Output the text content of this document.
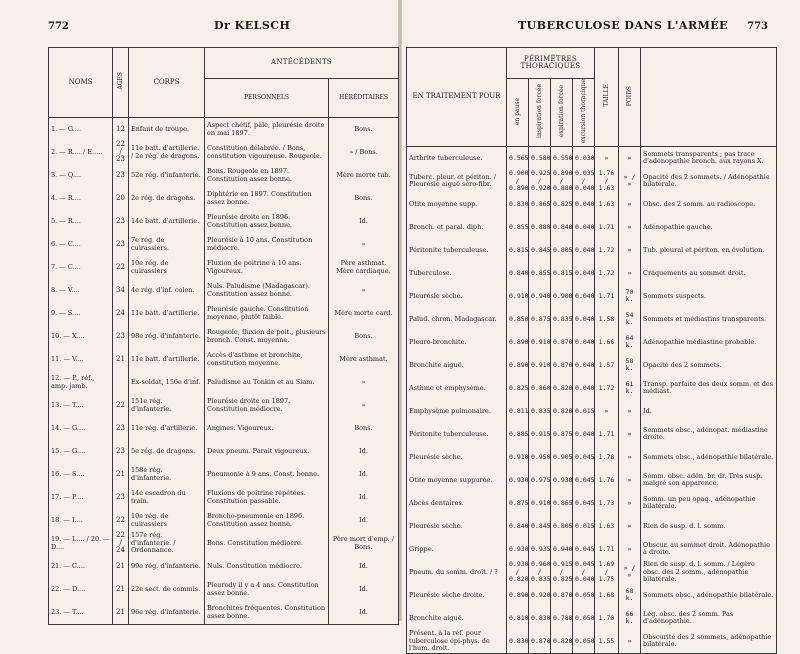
772	Dr KELSCH
NOMS	AGES	CORPS	ANTÉCÉDENTS	
			PERSONNELS	HÉRÉDITAIRES
1. — G....	12	Enfant de troupe.	Aspect chétif, pâle, pleurésie droite en mai 1897.	Bons.
2. — R.... / E.....	22 / 23	11e batt. d'artillerie. / 2e rég. de dragons.	Constitution délabrée. / Bons, constitution vigoureuse. Rougeole.	» / Bons.
3. — Q....	23	52e rég. d'infanterie.	Bons. Rougeole en 1897. Constitution assez bonne.	Mère morte tub.
4. — R....	20	2e rég. de dragons.	Diphtérie en 1897. Constitution assez bonne.	Bons.
5. — R....	23	14e batt. d'artillerie.	Pleurésie droite en 1896. Constitution assez bonne.	Id.
6. — C....	23	7e rég. de cuirassiers.	Pleurésie à 10 ans. Constitution médiocre.	»
7. — C....	22	10e rég. de cuirassiers	Fluxion de poitrine à 10 ans. Vigoureux.	Père asthmat. Mère cardiaque.
8. — V....	34	4e rég. d'inf. colon.	Nuls. Paludisme (Madagascar). Constitution assez bonne.	»
9. — S....	24	11e batt. d'artillerie.	Pleurésie gauche. Constitution moyenne, plutôt faible.	Mère morte card.
10. — X....	23	98e rég. d'infanterie.	Rougeole, fluxion de poit., plusieurs bronch. Const. moyenne.	Bons.
11. — V....	21	11e batt. d'artillerie.	Accès d'asthme et bronchite, constitution moyenne.	Mère asthmat.
12. — P., réf., amp. jamb.		Ex-soldat, 156e d'inf.	Paludisme au Tonkin et au Siam.	»
13. — T....	22	151e rég. d'infanterie.	Pleurésie droite en 1897. Constitution médiocre.	»
14. — G....	23	11e rég. d'artillerie.	Angines. Vigoureux.	Bons.
15. — G....	23	5e rég. de dragons.	Deux pneum. Parait vigoureux.	Id.
16. — S....	21	158e rég. d'infanterie.	Pneumonie à 9 ans. Const. bonne.	Id.
17. — P....	23	14e escadron du train.	Fluxions de poitrine répétées. Constitution passable.	Id.
18. — I....	22	10e rég. de cuirassiers	Broncho-pneumonie en 1896. Constitution assez bonne.	Id.
19. — L.... / 20. — D....	22 / 24	157e rég. d'infanterie. / Ordonnance.	Bons. Constitution médiocre.	Père mort d'emp. / Bons.
21. — C....	21	99e rég. d'infanterie.	Nuls. Constitution médiocre.	Id.
22. — D....	21	22e sect. de commis.	Pleurody il y a 4 ans. Constitution assez bonne.	Id.
23. — T....	21	96e rég. d'infanterie.	Bronchites fréquentes. Constitution assez bonne.	Id.
TUBERCULOSE DANS L'ARMÉE 773
EN TRAITEMENT POUR	PÉRIMÈTRES THORACIQUES				TAILLE	POIDS	
	en pause	inspiration forcée	expiration forcée	excursion thoracique			
Arthrite tuberculeuse.	0.565	0.580	0.550	0.030	»	»	Sommets transparents ; pas trace d'adénopathie bronch. aux rayons X.
Tuberc. pleur. et périton. / Pleurésie aiguë séro-fibr.	0.900 / 0.890	0.925 / 0.920	0.890 / 0.880	0.035 / 0.040	1.76 / 1.63	» / »	Opacité des 2 sommets. / Adénopathie bilatérale.
Otite moyenne supp.	0.830	0.865	0.825	0.040	1.63	»	Obsc. des 2 somm. au radioscope.
Bronch. et paral. diph.	0.855	0.880	0.840	0.040	1.71	»	Adénopathie gauche.
Péritonite tuberculeuse.	0.815	0.845	0.805	0.040	1.72	»	Tub. pleural et périton. en évolution.
Tuberculose.	0.840	0.855	0.815	0.040	1.72	»	Craquements au sommet droit.
Pleurésie sèche.	0.910	0.940	0.900	0.040	1.71	70 k.	Sommets suspects.
Palud. chron. Madagascar.	0.850	0.875	0.835	0.040	1.58	54 k.	Sommets et médiastins transparents.
Pleuro-bronchite.	0.890	0.910	0.870	0.040	1.66	64 k.	Adénopathie médiastine probable.
Bronchite aiguë.	0.890	0.910	0.870	0.040	1.57	58 k.	Opacité des 2 sommets.
Asthme et emphysème.	0.825	0.860	0.820	0.040	1.72	61 k.	Transp. parfaite des deux somm. et des médiast.
Emphysème pulmonaire.	0.811	0.835	0.820	0.015	»	»	Id.
Péritonite tuberculeuse.	0.885	0.915	0.875	0.040	1.71	»	Sommets obsc., adénopat. médiastine droite.
Pleurésie sèche.	0.910	0.950	0.905	0.045	1.78	»	Sommets obsc., adénopathie bilatérale.
Otite moyenne suppurée.	0.930	0.975	0.930	0.045	1.76	»	Somm. obsc. adén. br. dr. Très susp. malgré son apparence.
Abcès dentaires.	0.875	0.910	0.865	0.045	1.73	»	Somm. un peu opaq., adénopathie bilatérale.
Pleurésie sèche.	0.840	0.845	0.805	0.015	1.63	»	Rien de susp. d. l. somm.
Grippe.	0.930	0.935	0.940	0.045	1.71	»	Obscur. au sommet droit. Adénopathie à droite.
Pneum. du somm. droit. / ?	0.930 / 0.820	0.960 / 0.835	0.915 / 0.825	0.045 / 0.040	1.69 / 1.75	» / »	Rien de susp. d. l. somm. / Légère obsc. des 2 somm., adénopathie bilatérale.
Pleurésie sèche droite.	0.890	0.920	0.870	0.050	1.68	68 k.	Sommets obsc., adénopathie bilatérale.
Bronchite aiguë.	0.810	0.830	0.780	0.050	1.70	66 k.	Lég. obsc. des 2 somm. Pas d'adénopathie.
Présent. à la réf. pour tuberculose épi-phys. de l'hum. droit.	0.830	0.870	0.820	0.050	1.55	»	Obscurité des 2 sommets, adénopathie bilatérale.
